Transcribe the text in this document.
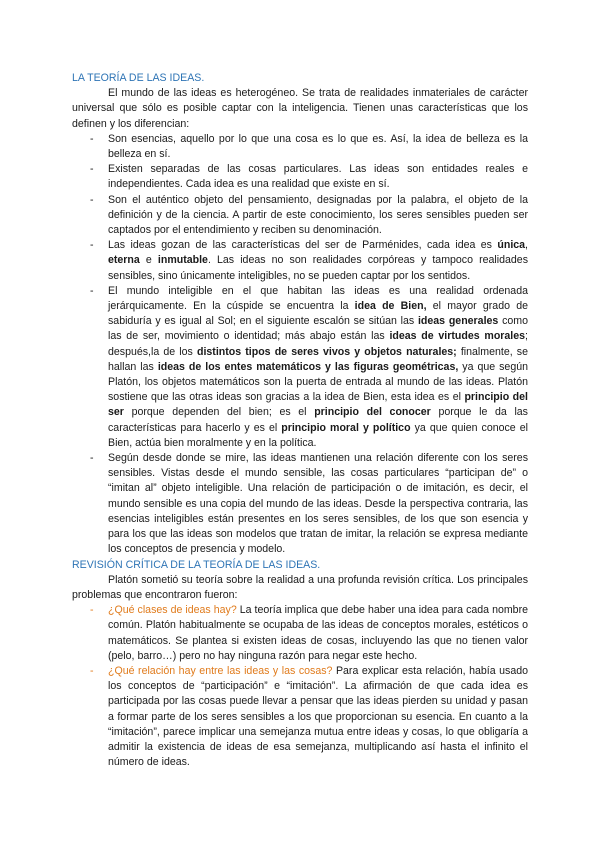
LA TEORÍA DE LAS IDEAS.

El mundo de las ideas es heterogéneo. Se trata de realidades inmateriales de carácter universal que sólo es posible captar con la inteligencia. Tienen unas características que los definen y los diferencian:

- Son esencias, aquello por lo que una cosa es lo que es. Así, la idea de belleza es la belleza en sí.
- Existen separadas de las cosas particulares. Las ideas son entidades reales e independientes. Cada idea es una realidad que existe en sí.
- Son el auténtico objeto del pensamiento, designadas por la palabra, el objeto de la definición y de la ciencia. A partir de este conocimiento, los seres sensibles pueden ser captados por el entendimiento y reciben su denominación.
- Las ideas gozan de las características del ser de Parménides, cada idea es única, eterna e inmutable. Las ideas no son realidades corpóreas y tampoco realidades sensibles, sino únicamente inteligibles, no se pueden captar por los sentidos.
- El mundo inteligible en el que habitan las ideas es una realidad ordenada jerárquicamente. En la cúspide se encuentra la idea de Bien, el mayor grado de sabiduría y es igual al Sol; en el siguiente escalón se sitúan las ideas generales como las de ser, movimiento o identidad; más abajo están las ideas de virtudes morales; después,la de los distintos tipos de seres vivos y objetos naturales; finalmente, se hallan las ideas de los entes matemáticos y las figuras geométricas, ya que según Platón, los objetos matemáticos son la puerta de entrada al mundo de las ideas. Platón sostiene que las otras ideas son gracias a la idea de Bien, esta idea es el principio del ser porque dependen del bien; es el principio del conocer porque le da las características para hacerlo y es el principio moral y político ya que quien conoce el Bien, actúa bien moralmente y en la política.
- Según desde donde se mire, las ideas mantienen una relación diferente con los seres sensibles. Vistas desde el mundo sensible, las cosas particulares “participan de” o “imitan al” objeto inteligible. Una relación de participación o de imitación, es decir, el mundo sensible es una copia del mundo de las ideas. Desde la perspectiva contraria, las esencias inteligibles están presentes en los seres sensibles, de los que son esencia y para los que las ideas son modelos que tratan de imitar, la relación se expresa mediante los conceptos de presencia y modelo.
REVISIÓN CRÍTICA DE LA TEORÍA DE LAS IDEAS.

Platón sometió su teoría sobre la realidad a una profunda revisión crítica. Los principales problemas que encontraron fueron:

- ¿Qué clases de ideas hay? La teoría implica que debe haber una idea para cada nombre común. Platón habitualmente se ocupaba de las ideas de conceptos morales, estéticos o matemáticos. Se plantea si existen ideas de cosas, incluyendo las que no tienen valor (pelo, barro…) pero no hay ninguna razón para negar este hecho.
- ¿Qué relación hay entre las ideas y las cosas? Para explicar esta relación, había usado los conceptos de “participación” e “imitación”. La afirmación de que cada idea es participada por las cosas puede llevar a pensar que las ideas pierden su unidad y pasan a formar parte de los seres sensibles a los que proporcionan su esencia. En cuanto a la “imitación”, parece implicar una semejanza mutua entre ideas y cosas, lo que obligaría a admitir la existencia de ideas de esa semejanza, multiplicando así hasta el infinito el número de ideas.
